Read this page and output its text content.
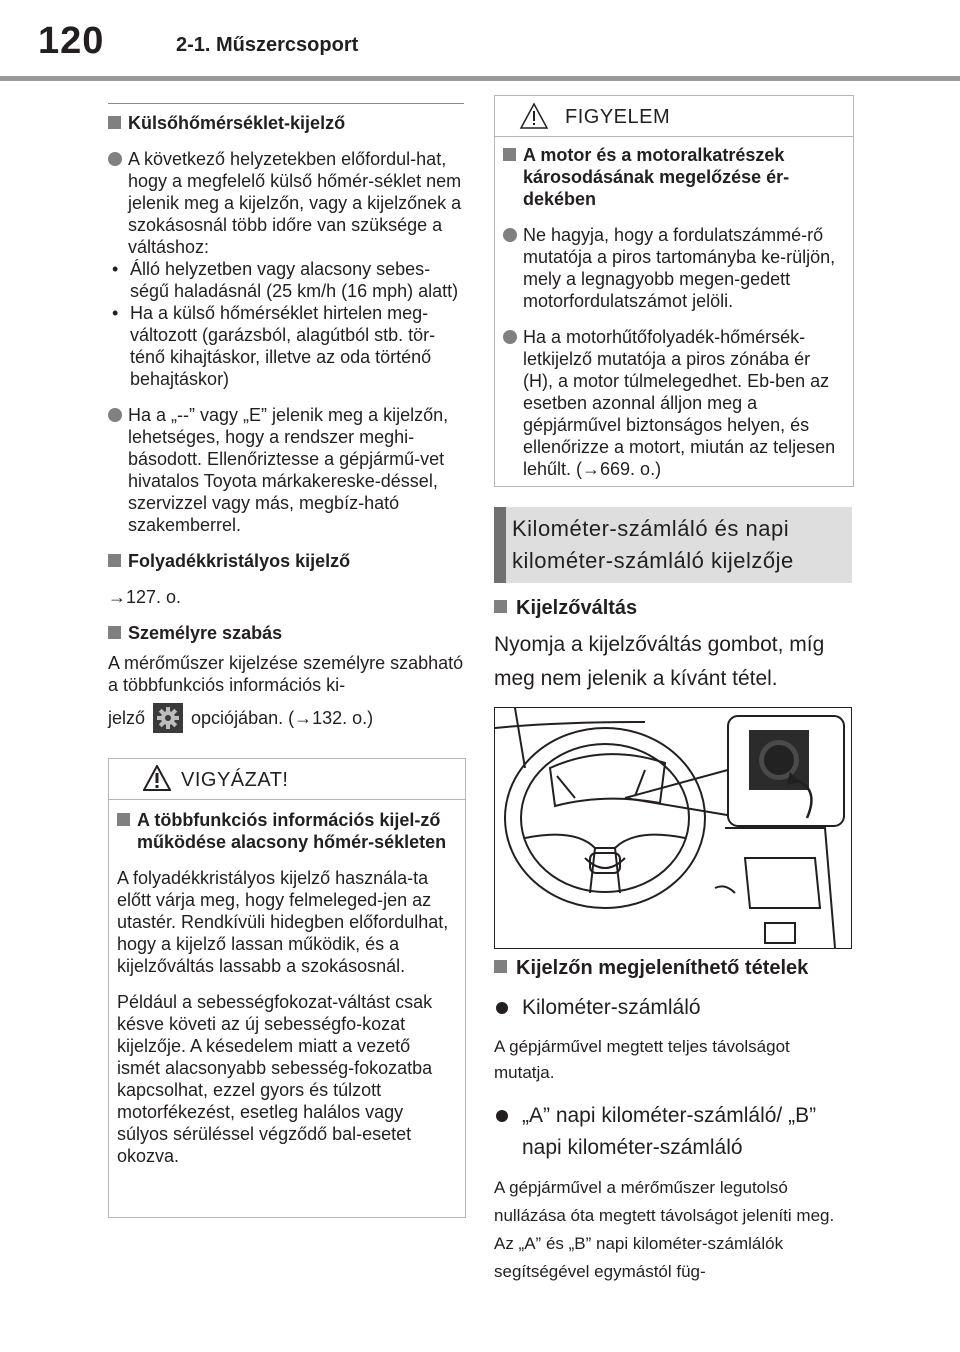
120	2-1. Műszercsoport
Külsőhőmérséklet-kijelző

A következő helyzetekben előfordul-hat, hogy a megfelelő külső hőmér-séklet nem jelenik meg a kijelzőn, vagy a kijelzőnek a szokásosnál több időre van szüksége a váltáshoz:

• Álló helyzetben vagy alacsony sebes-ségű haladásnál (25 km/h (16 mph) alatt)

• Ha a külső hőmérséklet hirtelen meg-változott (garázsból, alagútból stb. tör-ténő kihajtáskor, illetve az oda történő behajtáskor)

Ha a „--” vagy „E” jelenik meg a kijelzőn, lehetséges, hogy a rendszer meghi-básodott. Ellenőriztesse a gépjármű-vet hivatalos Toyota márkakereske-déssel, szervizzel vagy más, megbíz-ható szakemberrel.

Folyadékkristályos kijelző

→127. o.

Személyre szabás

A mérőműszer kijelzése személyre szabható a többfunkciós információs ki-

jelző	opciójában. (→132. o.)
VIGYÁZAT!
A többfunkciós információs kijel-ző működése alacsony hőmér-sékleten

A folyadékkristályos kijelző használa-ta előtt várja meg, hogy felmeleged-jen az utastér. Rendkívüli hidegben előfordulhat, hogy a kijelző lassan működik, és a kijelzőváltás lassabb a szokásosnál.

Például a sebességfokozat-váltást csak késve követi az új sebességfo-kozat kijelzője. A késedelem miatt a vezető ismét alacsonyabb sebesség-fokozatba kapcsolhat, ezzel gyors és túlzott motorfékezést, esetleg halálos vagy súlyos sérüléssel végződő bal-esetet okozva.

FIGYELEM
A motor és a motoralkatrészek károsodásának megelőzése ér-dekében

Ne hagyja, hogy a fordulatszámmé-rő mutatója a piros tartományba ke-rüljön, mely a legnagyobb megen-gedett motorfordulatszámot jelöli.

Ha a motorhűtőfolyadék-hőmérsék-letkijelző mutatója a piros zónába ér (H), a motor túlmelegedhet. Eb-ben az esetben azonnal álljon meg a gépjárművel biztonságos helyen, és ellenőrizze a motort, miután az teljesen lehűlt. (→669. o.)

Kilométer-számláló és napi kilométer-számláló kijelzője
Kijelzőváltás

Nyomja a kijelzőváltás gombot, míg meg nem jelenik a kívánt tétel.

Kijelzőn megjeleníthető tételek
Kilométer-számláló

A gépjárművel megtett teljes távolságot mutatja.

„A” napi kilométer-számláló/ „B” napi kilométer-számláló

A gépjárművel a mérőműszer legutolsó nullázása óta megtett távolságot jeleníti meg. Az „A” és „B” napi kilométer-számlálók segítségével egymástól füg-
